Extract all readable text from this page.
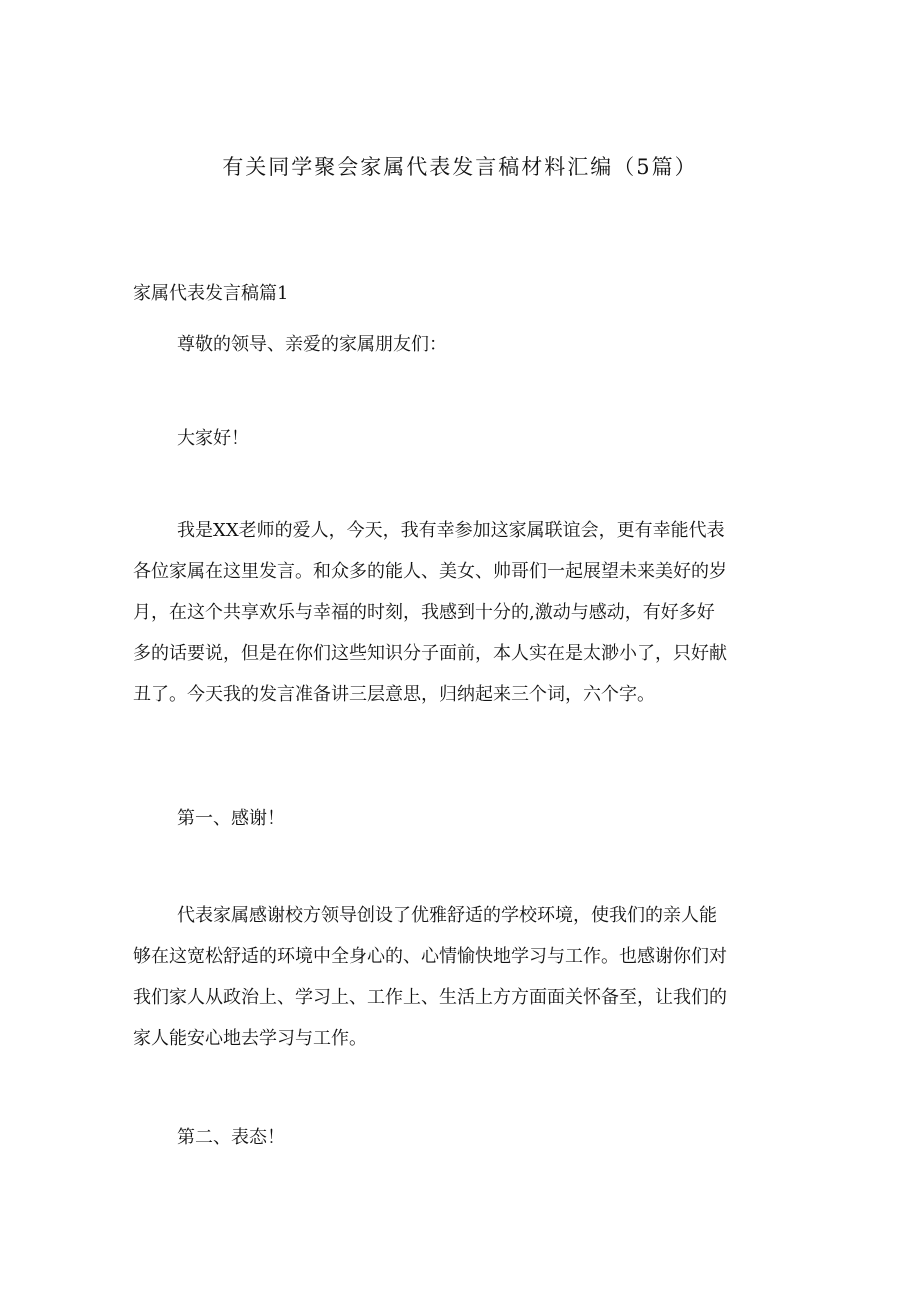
有关同学聚会家属代表发言稿材料汇编（5篇）
家属代表发言稿篇1
尊敬的领导、亲爱的家属朋友们：
大家好！
我是XX老师的爱人，今天，我有幸参加这家属联谊会，更有幸能代表
各位家属在这里发言。和众多的能人、美女、帅哥们一起展望未来美好的岁
月，在这个共享欢乐与幸福的时刻，我感到十分的,激动与感动，有好多好
多的话要说，但是在你们这些知识分子面前，本人实在是太渺小了，只好献
丑了。今天我的发言准备讲三层意思，归纳起来三个词，六个字。
第一、感谢！
代表家属感谢校方领导创设了优雅舒适的学校环境，使我们的亲人能
够在这宽松舒适的环境中全身心的、心情愉快地学习与工作。也感谢你们对
我们家人从政治上、学习上、工作上、生活上方方面面关怀备至，让我们的
家人能安心地去学习与工作。
第二、表态！
